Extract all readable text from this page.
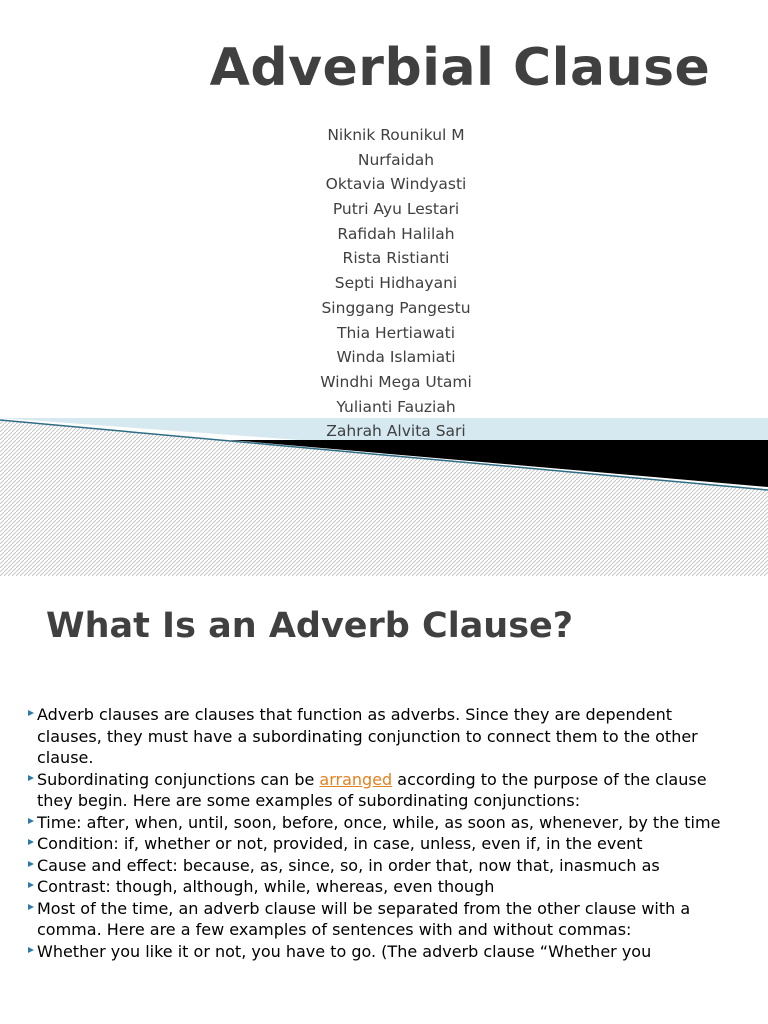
Adverbial Clause
Niknik Rounikul M
Nurfaidah
Oktavia Windyasti
Putri Ayu Lestari
Rafidah Halilah
Rista Ristianti
Septi Hidhayani
Singgang Pangestu
Thia Hertiawati
Winda Islamiati
Windhi Mega Utami
Yulianti Fauziah
Zahrah Alvita Sari
What Is an Adverb Clause?
Adverb clauses are clauses that function as adverbs. Since they are dependent clauses, they must have a subordinating conjunction to connect them to the other clause.
Subordinating conjunctions can be arranged according to the purpose of the clause they begin. Here are some examples of subordinating conjunctions:
Time: after, when, until, soon, before, once, while, as soon as, whenever, by the time
Condition: if, whether or not, provided, in case, unless, even if, in the event
Cause and effect: because, as, since, so, in order that, now that, inasmuch as
Contrast: though, although, while, whereas, even though
Most of the time, an adverb clause will be separated from the other clause with a comma. Here are a few examples of sentences with and without commas:
Whether you like it or not, you have to go. (The adverb clause “Whether you
